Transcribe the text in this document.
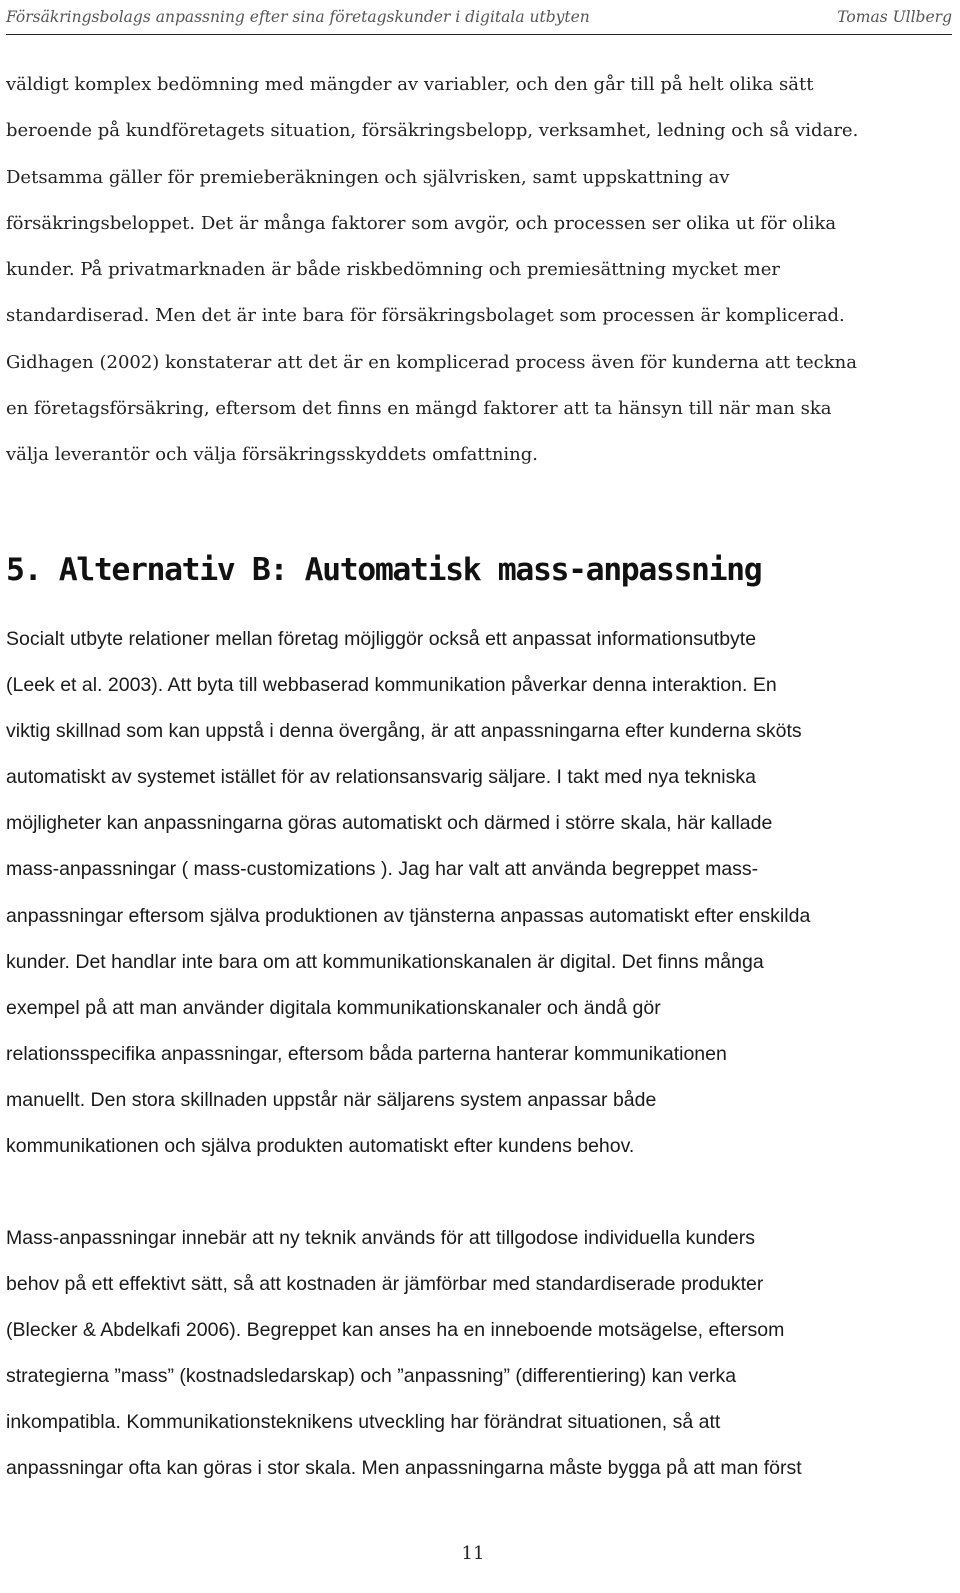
Försäkringsbolags anpassning efter sina företagskunder i digitala utbyten	Tomas Ullberg

väldigt komplex bedömning med mängder av variabler, och den går till på helt olika sätt
beroende på kundföretagets situation, försäkringsbelopp, verksamhet, ledning och så vidare.
Detsamma gäller för premieberäkningen och självrisken, samt uppskattning av
försäkringsbeloppet. Det är många faktorer som avgör, och processen ser olika ut för olika
kunder. På privatmarknaden är både riskbedömning och premiesättning mycket mer
standardiserad. Men det är inte bara för försäkringsbolaget som processen är komplicerad.
Gidhagen (2002) konstaterar att det är en komplicerad process även för kunderna att teckna
en företagsförsäkring, eftersom det finns en mängd faktorer att ta hänsyn till när man ska
välja leverantör och välja försäkringsskyddets omfattning.

5. Alternativ B: Automatisk mass-anpassning

Socialt utbyte relationer mellan företag möjliggör också ett anpassat informationsutbyte
(Leek et al. 2003). Att byta till webbaserad kommunikation påverkar denna interaktion. En
viktig skillnad som kan uppstå i denna övergång, är att anpassningarna efter kunderna sköts
automatiskt av systemet istället för av relationsansvarig säljare. I takt med nya tekniska
möjligheter kan anpassningarna göras automatiskt och därmed i större skala, här kallade
mass-anpassningar ( mass-customizations ). Jag har valt att använda begreppet mass-
anpassningar eftersom själva produktionen av tjänsterna anpassas automatiskt efter enskilda
kunder. Det handlar inte bara om att kommunikationskanalen är digital. Det finns många
exempel på att man använder digitala kommunikationskanaler och ändå gör
relationsspecifika anpassningar, eftersom båda parterna hanterar kommunikationen
manuellt. Den stora skillnaden uppstår när säljarens system anpassar både
kommunikationen och själva produkten automatiskt efter kundens behov.

Mass-anpassningar innebär att ny teknik används för att tillgodose individuella kunders
behov på ett effektivt sätt, så att kostnaden är jämförbar med standardiserade produkter
(Blecker & Abdelkafi 2006). Begreppet kan anses ha en inneboende motsägelse, eftersom
strategierna ”mass” (kostnadsledarskap) och ”anpassning” (differentiering) kan verka
inkompatibla. Kommunikationsteknikens utveckling har förändrat situationen, så att
anpassningar ofta kan göras i stor skala. Men anpassningarna måste bygga på att man först

11
